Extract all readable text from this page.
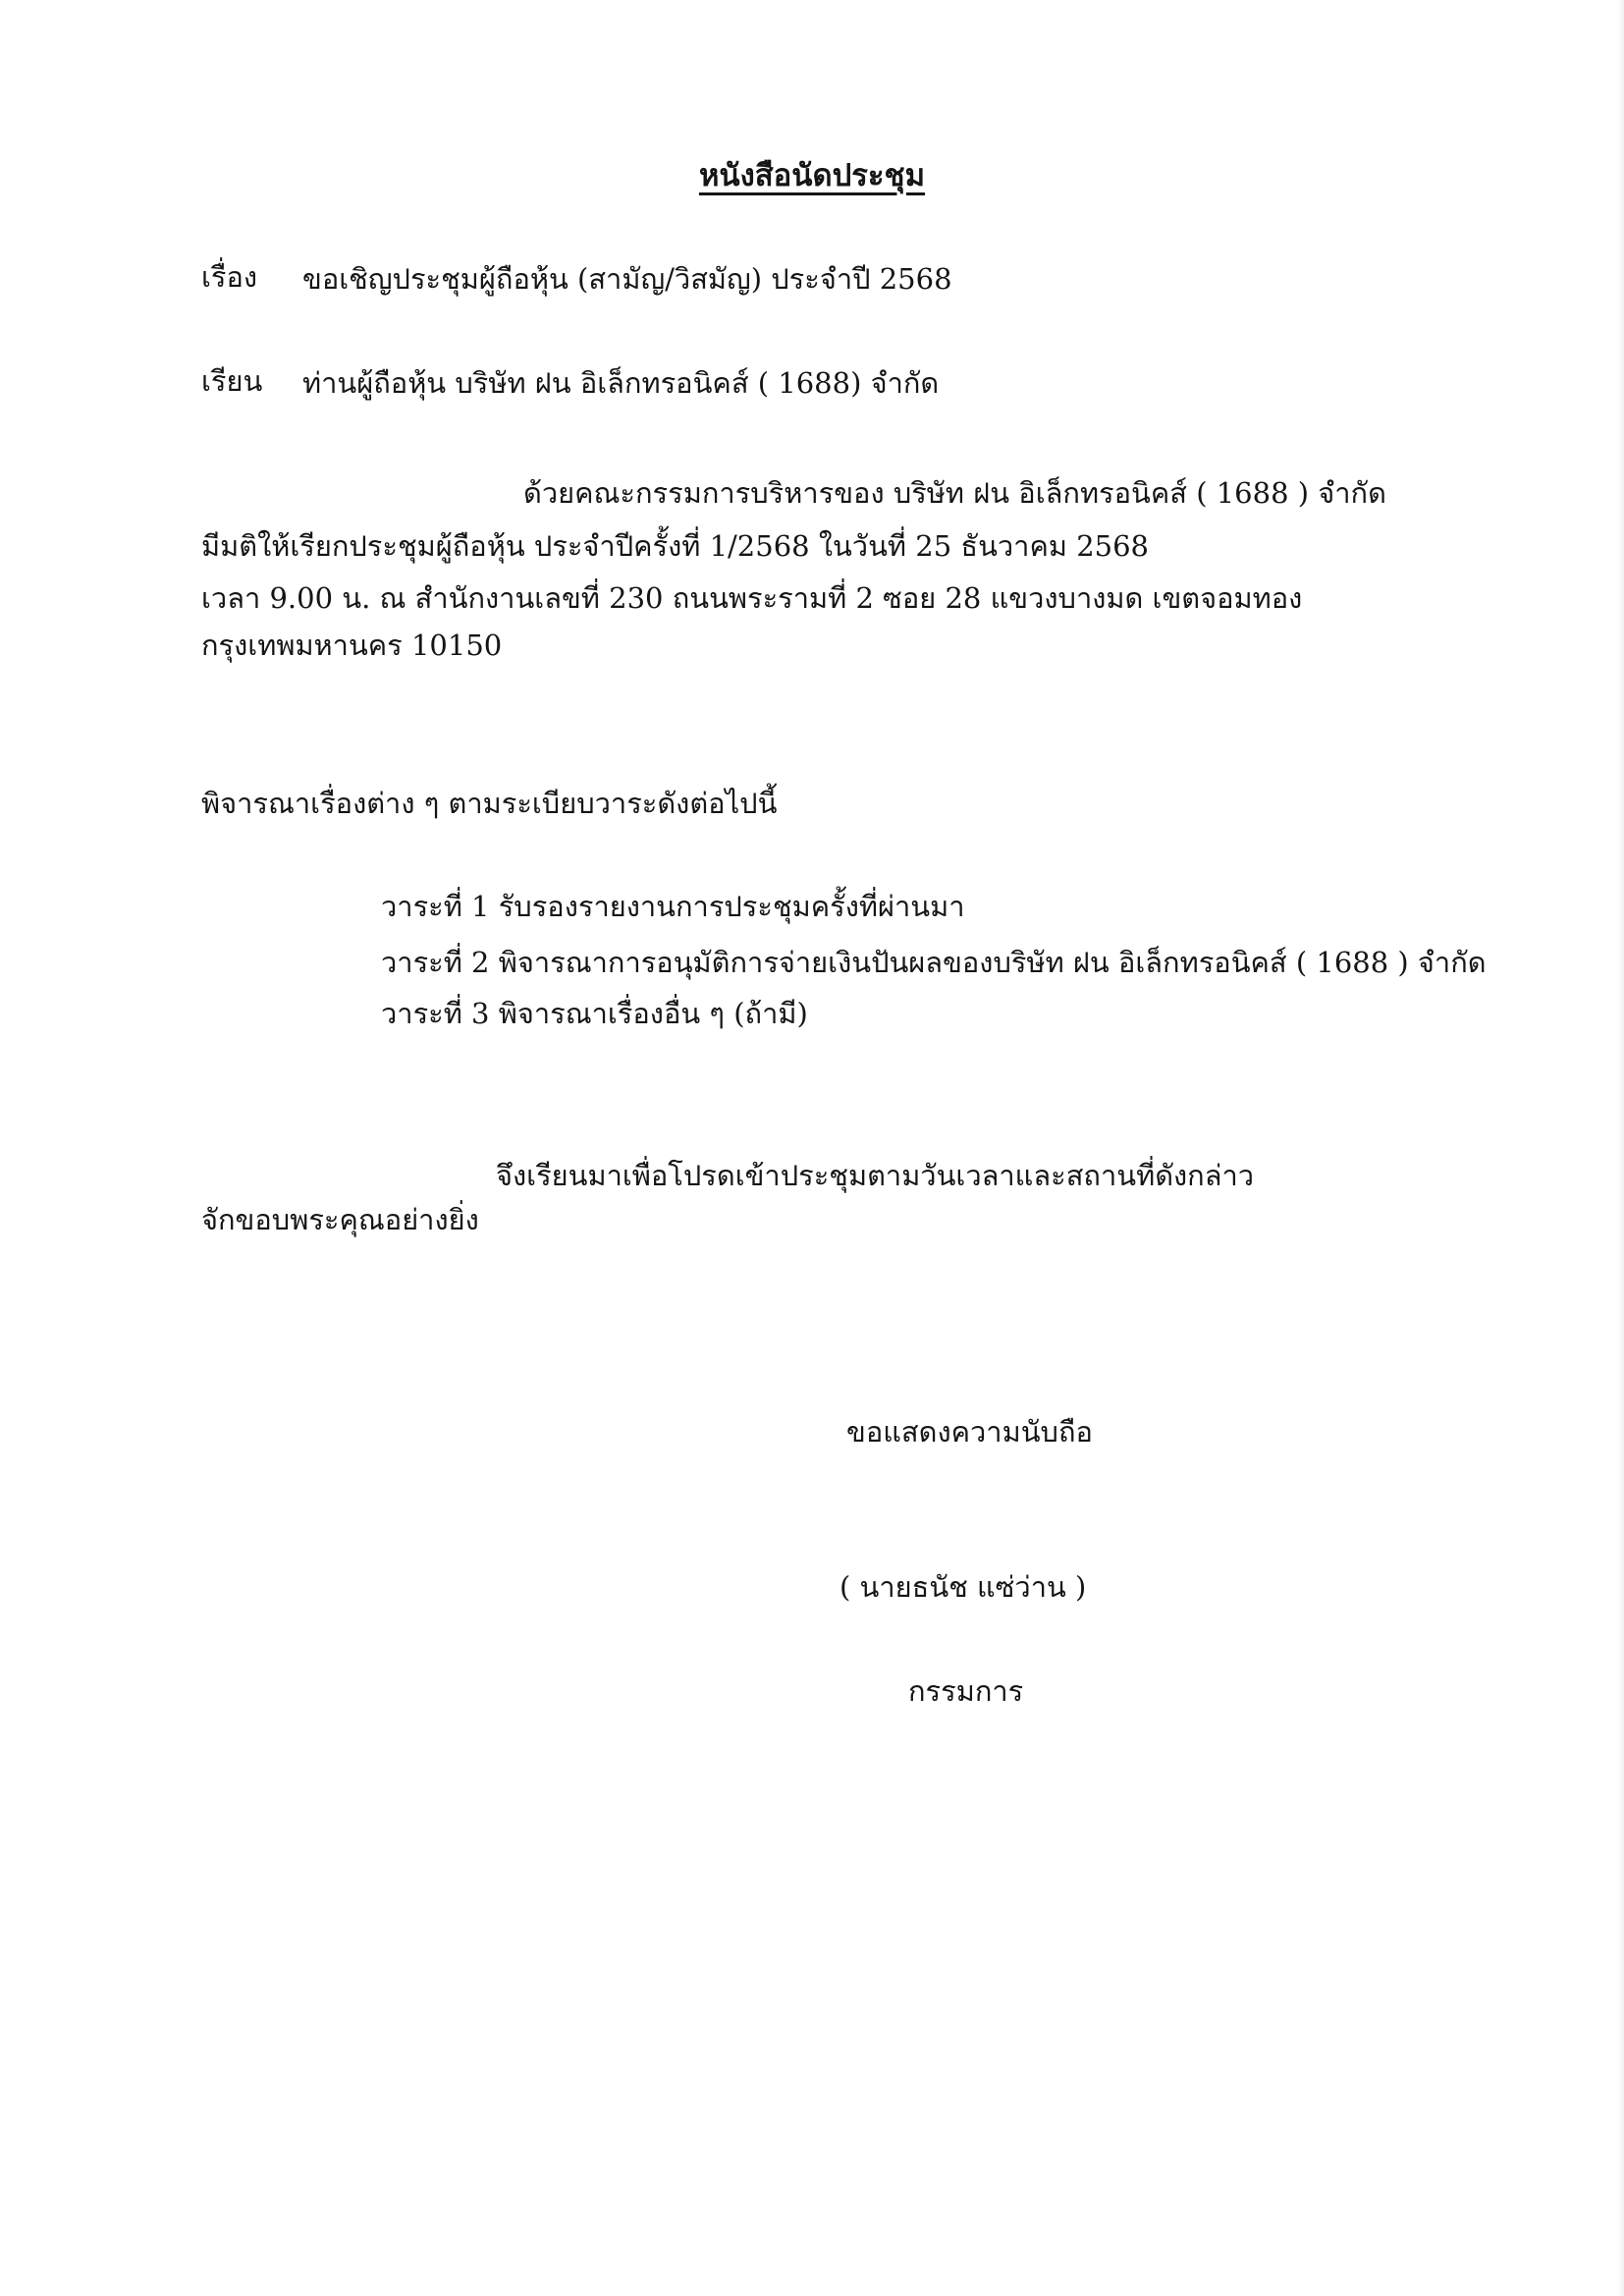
หนังสือนัดประชุม
เรื่อง ขอเชิญประชุมผู้ถือหุ้น (สามัญ/วิสมัญ) ประจำปี 2568
เรียน ท่านผู้ถือหุ้น บริษัท ฝน อิเล็กทรอนิคส์ ( 1688) จำกัด
ด้วยคณะกรรมการบริหารของ บริษัท ฝน อิเล็กทรอนิคส์ ( 1688 ) จำกัด
มีมติให้เรียกประชุมผู้ถือหุ้น ประจำปีครั้งที่ 1/2568 ในวันที่ 25 ธันวาคม 2568
เวลา 9.00 น. ณ สำนักงานเลขที่ 230 ถนนพระรามที่ 2 ซอย 28 แขวงบางมด เขตจอมทอง
กรุงเทพมหานคร 10150
พิจารณาเรื่องต่าง ๆ ตามระเบียบวาระดังต่อไปนี้
วาระที่ 1 รับรองรายงานการประชุมครั้งที่ผ่านมา
วาระที่ 2 พิจารณาการอนุมัติการจ่ายเงินปันผลของบริษัท ฝน อิเล็กทรอนิคส์ ( 1688 ) จำกัด
วาระที่ 3 พิจารณาเรื่องอื่น ๆ (ถ้ามี)
จึงเรียนมาเพื่อโปรดเข้าประชุมตามวันเวลาและสถานที่ดังกล่าว
จักขอบพระคุณอย่างยิ่ง
ขอแสดงความนับถือ
( นายธนัช แซ่ว่าน )
กรรมการ
